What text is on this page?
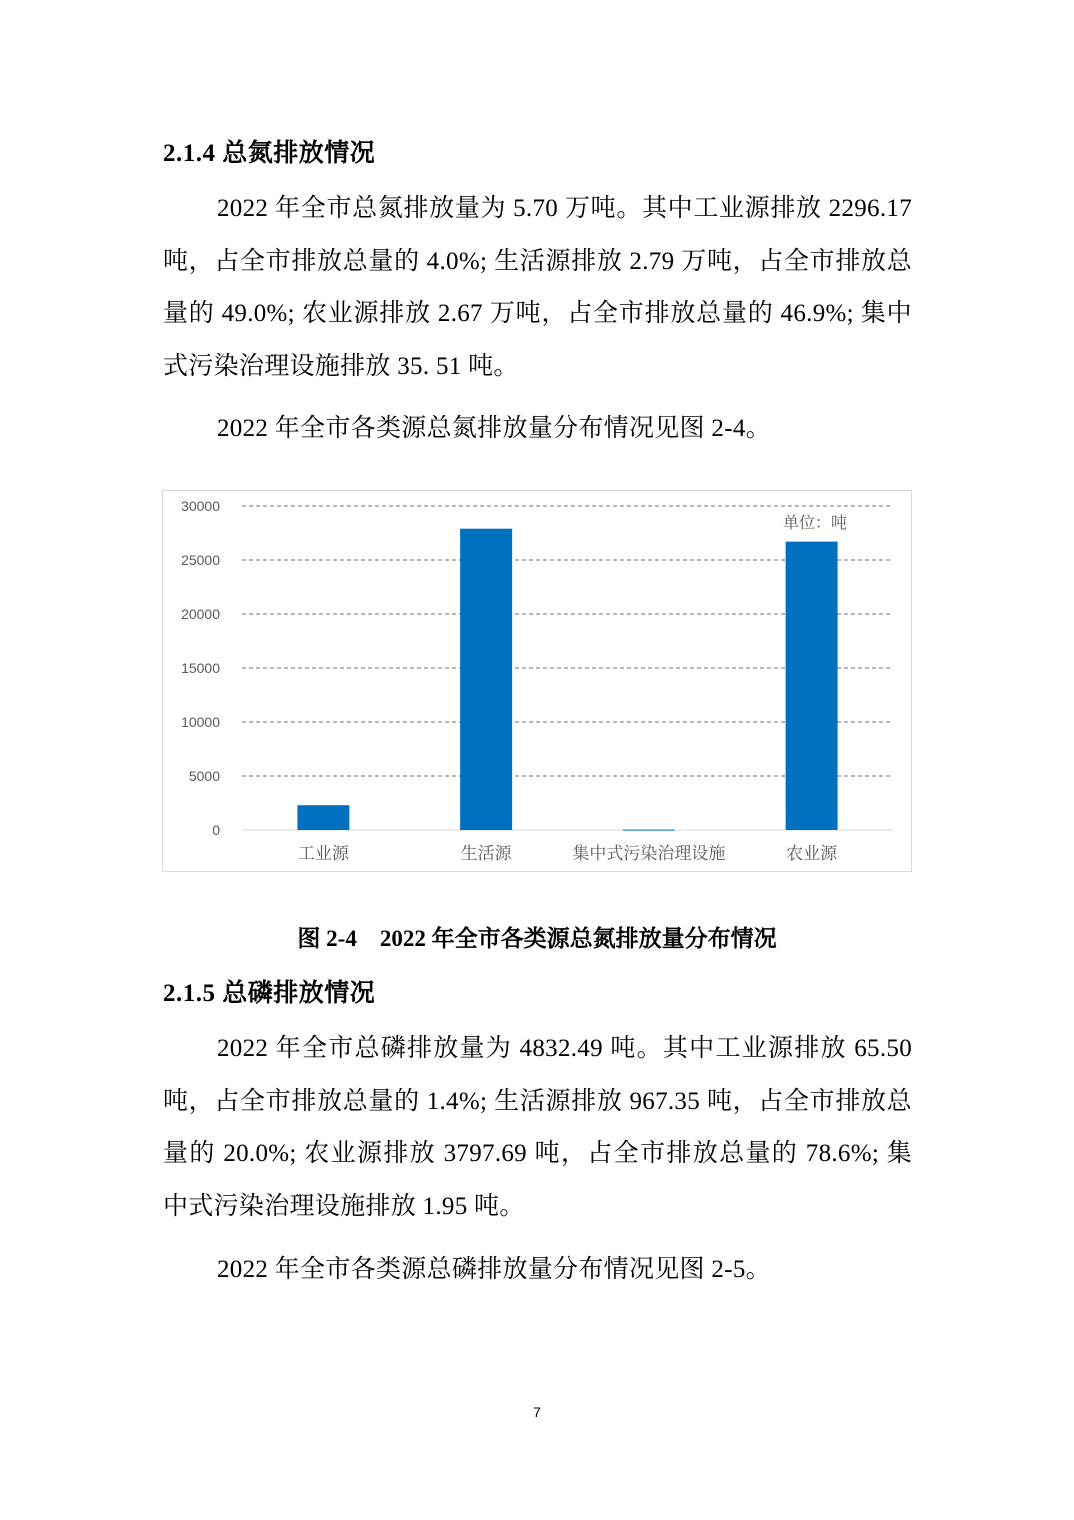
2.1.4 总氮排放情况
2022 年全市总氮排放量为 5.70 万吨。其中工业源排放 2296.17 吨，占全市排放总量的 4.0%; 生活源排放 2.79 万吨，占全市排放总量的 49.0%; 农业源排放 2.67 万吨，占全市排放总量的 46.9%; 集中式污染治理设施排放 35. 51 吨。
2022 年全市各类源总氮排放量分布情况见图 2-4。
0
5000
10000
15000
20000
25000
30000
工业源	生活源	集中式污染治理设施	农业源
单位：吨
图 2-4　2022 年全市各类源总氮排放量分布情况
2.1.5 总磷排放情况
2022 年全市总磷排放量为 4832.49 吨。其中工业源排放 65.50 吨，占全市排放总量的 1.4%; 生活源排放 967.35 吨，占全市排放总量的 20.0%; 农业源排放 3797.69 吨，占全市排放总量的 78.6%; 集中式污染治理设施排放 1.95 吨。
2022 年全市各类源总磷排放量分布情况见图 2-5。
7
